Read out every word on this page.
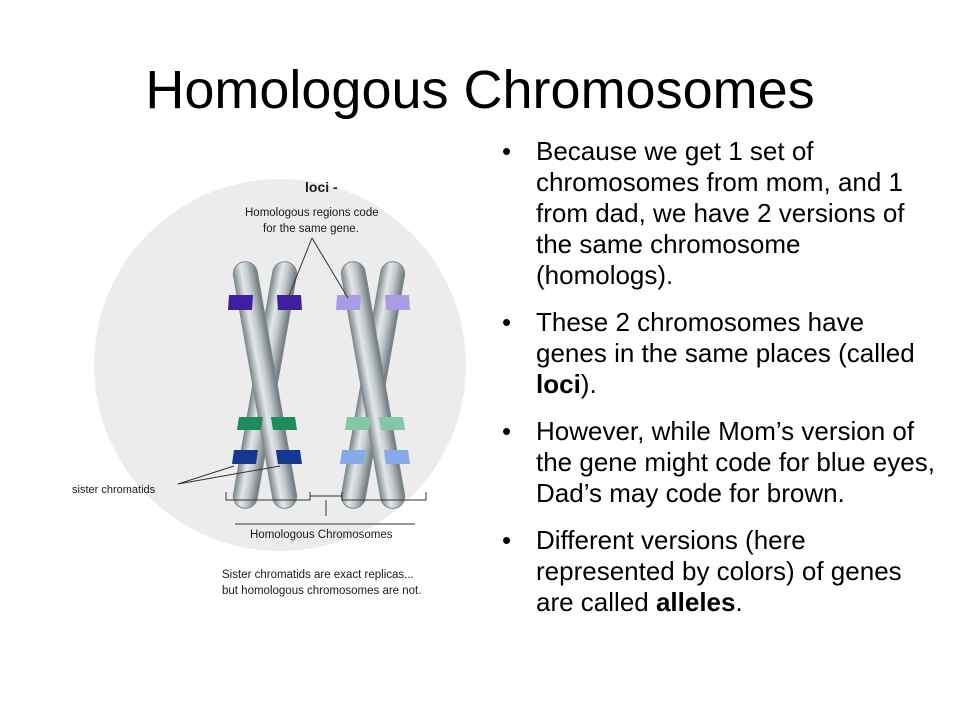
Homologous Chromosomes
loci -
Homologous regions code
for the same gene.
sister chromatids
Homologous Chromosomes
Sister chromatids are exact replicas...
but homologous chromosomes are not.
• Because we get 1 set of chromosomes from mom, and 1 from dad, we have 2 versions of the same chromosome (homologs).
• These 2 chromosomes have genes in the same places (called loci).
• However, while Mom’s version of the gene might code for blue eyes, Dad’s may code for brown.
• Different versions (here represented by colors) of genes are called alleles.
